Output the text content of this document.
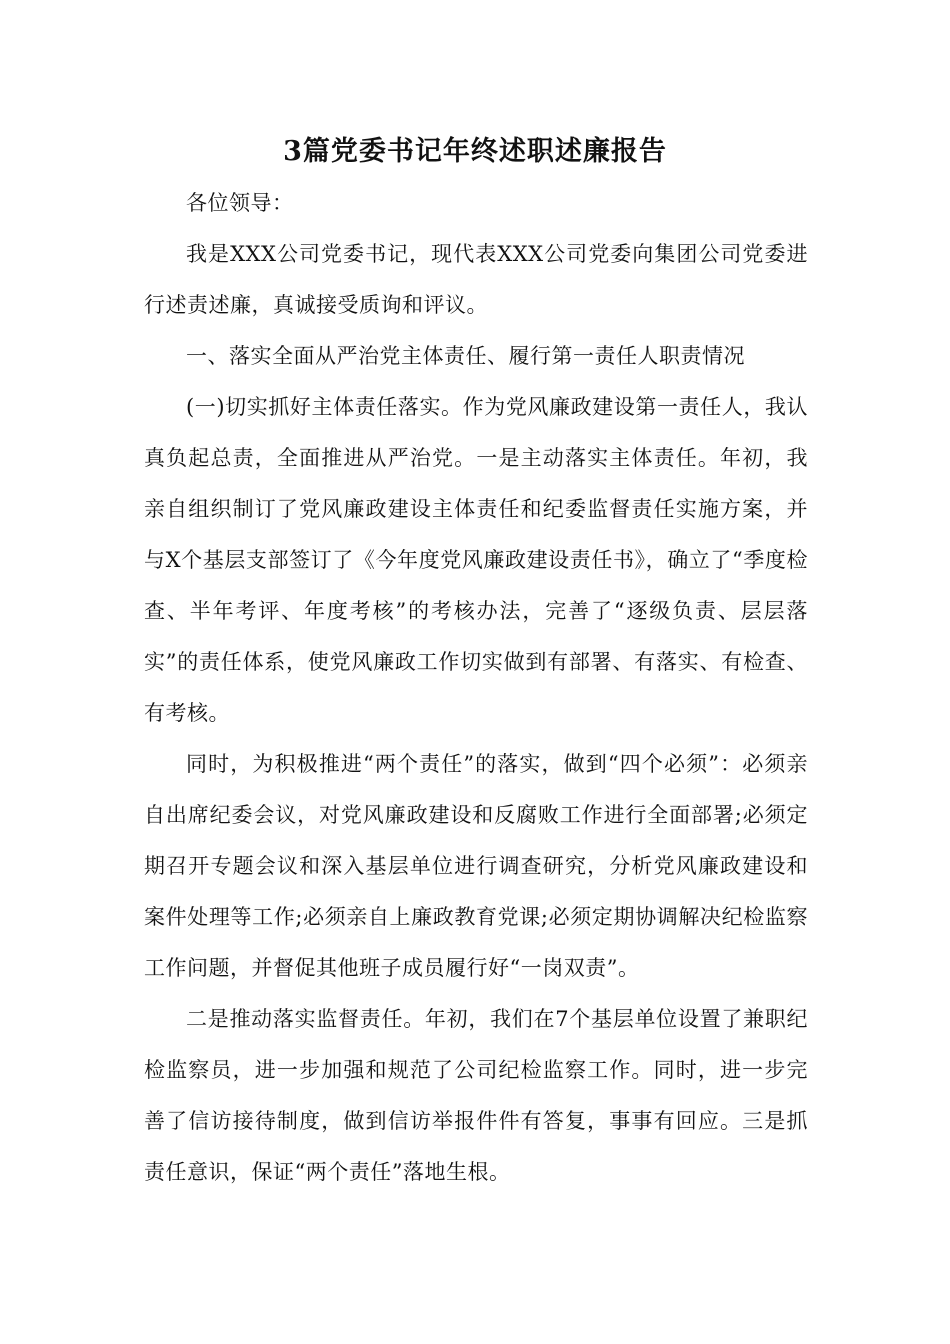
3篇党委书记年终述职述廉报告

各位领导：

我是XXX公司党委书记，现代表XXX公司党委向集团公司党委进行述责述廉，真诚接受质询和评议。

一、落实全面从严治党主体责任、履行第一责任人职责情况

(一)切实抓好主体责任落实。作为党风廉政建设第一责任人，我认真负起总责，全面推进从严治党。一是主动落实主体责任。年初，我亲自组织制订了党风廉政建设主体责任和纪委监督责任实施方案，并与X个基层支部签订了《今年度党风廉政建设责任书》，确立了“季度检查、半年考评、年度考核”的考核办法，完善了“逐级负责、层层落实”的责任体系，使党风廉政工作切实做到有部署、有落实、有检查、有考核。

同时，为积极推进“两个责任”的落实，做到“四个必须”：必须亲自出席纪委会议，对党风廉政建设和反腐败工作进行全面部署;必须定期召开专题会议和深入基层单位进行调查研究，分析党风廉政建设和案件处理等工作;必须亲自上廉政教育党课;必须定期协调解决纪检监察工作问题，并督促其他班子成员履行好“一岗双责”。

二是推动落实监督责任。年初，我们在7个基层单位设置了兼职纪检监察员，进一步加强和规范了公司纪检监察工作。同时，进一步完善了信访接待制度，做到信访举报件件有答复，事事有回应。三是抓责任意识，保证“两个责任”落地生根。
